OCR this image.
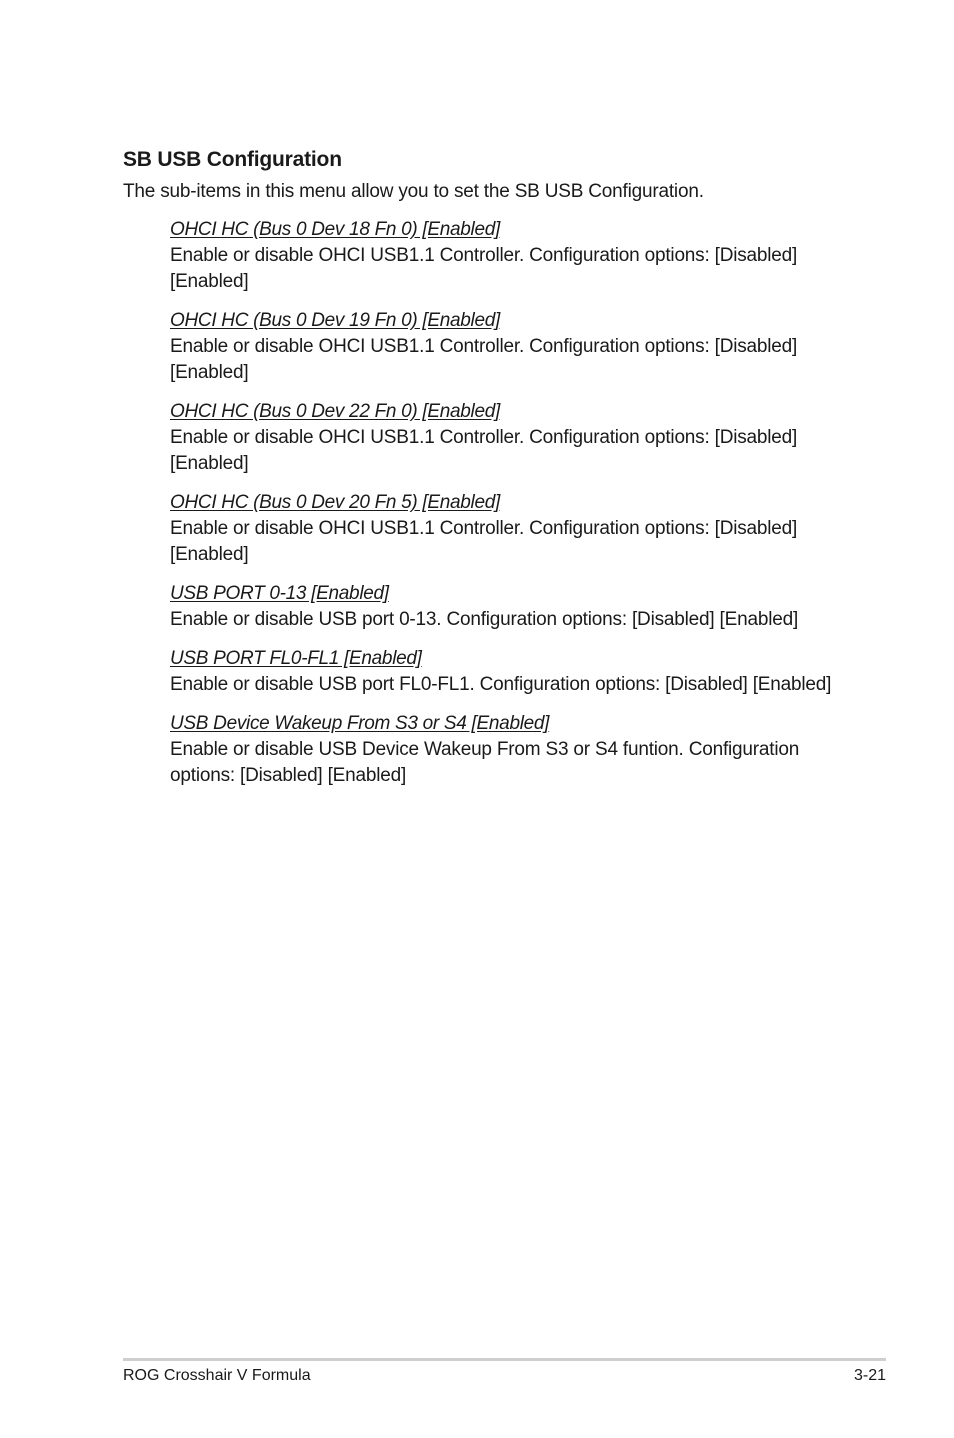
SB USB Configuration

The sub-items in this menu allow you to set the SB USB Configuration.

OHCI HC (Bus 0 Dev 18 Fn 0) [Enabled]
Enable or disable OHCI USB1.1 Controller. Configuration options: [Disabled] [Enabled]
OHCI HC (Bus 0 Dev 19 Fn 0) [Enabled]
Enable or disable OHCI USB1.1 Controller. Configuration options: [Disabled] [Enabled]
OHCI HC (Bus 0 Dev 22 Fn 0) [Enabled]
Enable or disable OHCI USB1.1 Controller. Configuration options: [Disabled] [Enabled]
OHCI HC (Bus 0 Dev 20 Fn 5) [Enabled]
Enable or disable OHCI USB1.1 Controller. Configuration options: [Disabled] [Enabled]
USB PORT 0-13 [Enabled]
Enable or disable USB port 0-13. Configuration options: [Disabled] [Enabled]
USB PORT FL0-FL1 [Enabled]
Enable or disable USB port FL0-FL1. Configuration options: [Disabled] [Enabled]
USB Device Wakeup From S3 or S4 [Enabled]
Enable or disable USB Device Wakeup From S3 or S4 funtion. Configuration options: [Disabled] [Enabled]
ROG Crosshair V Formula	3-21
